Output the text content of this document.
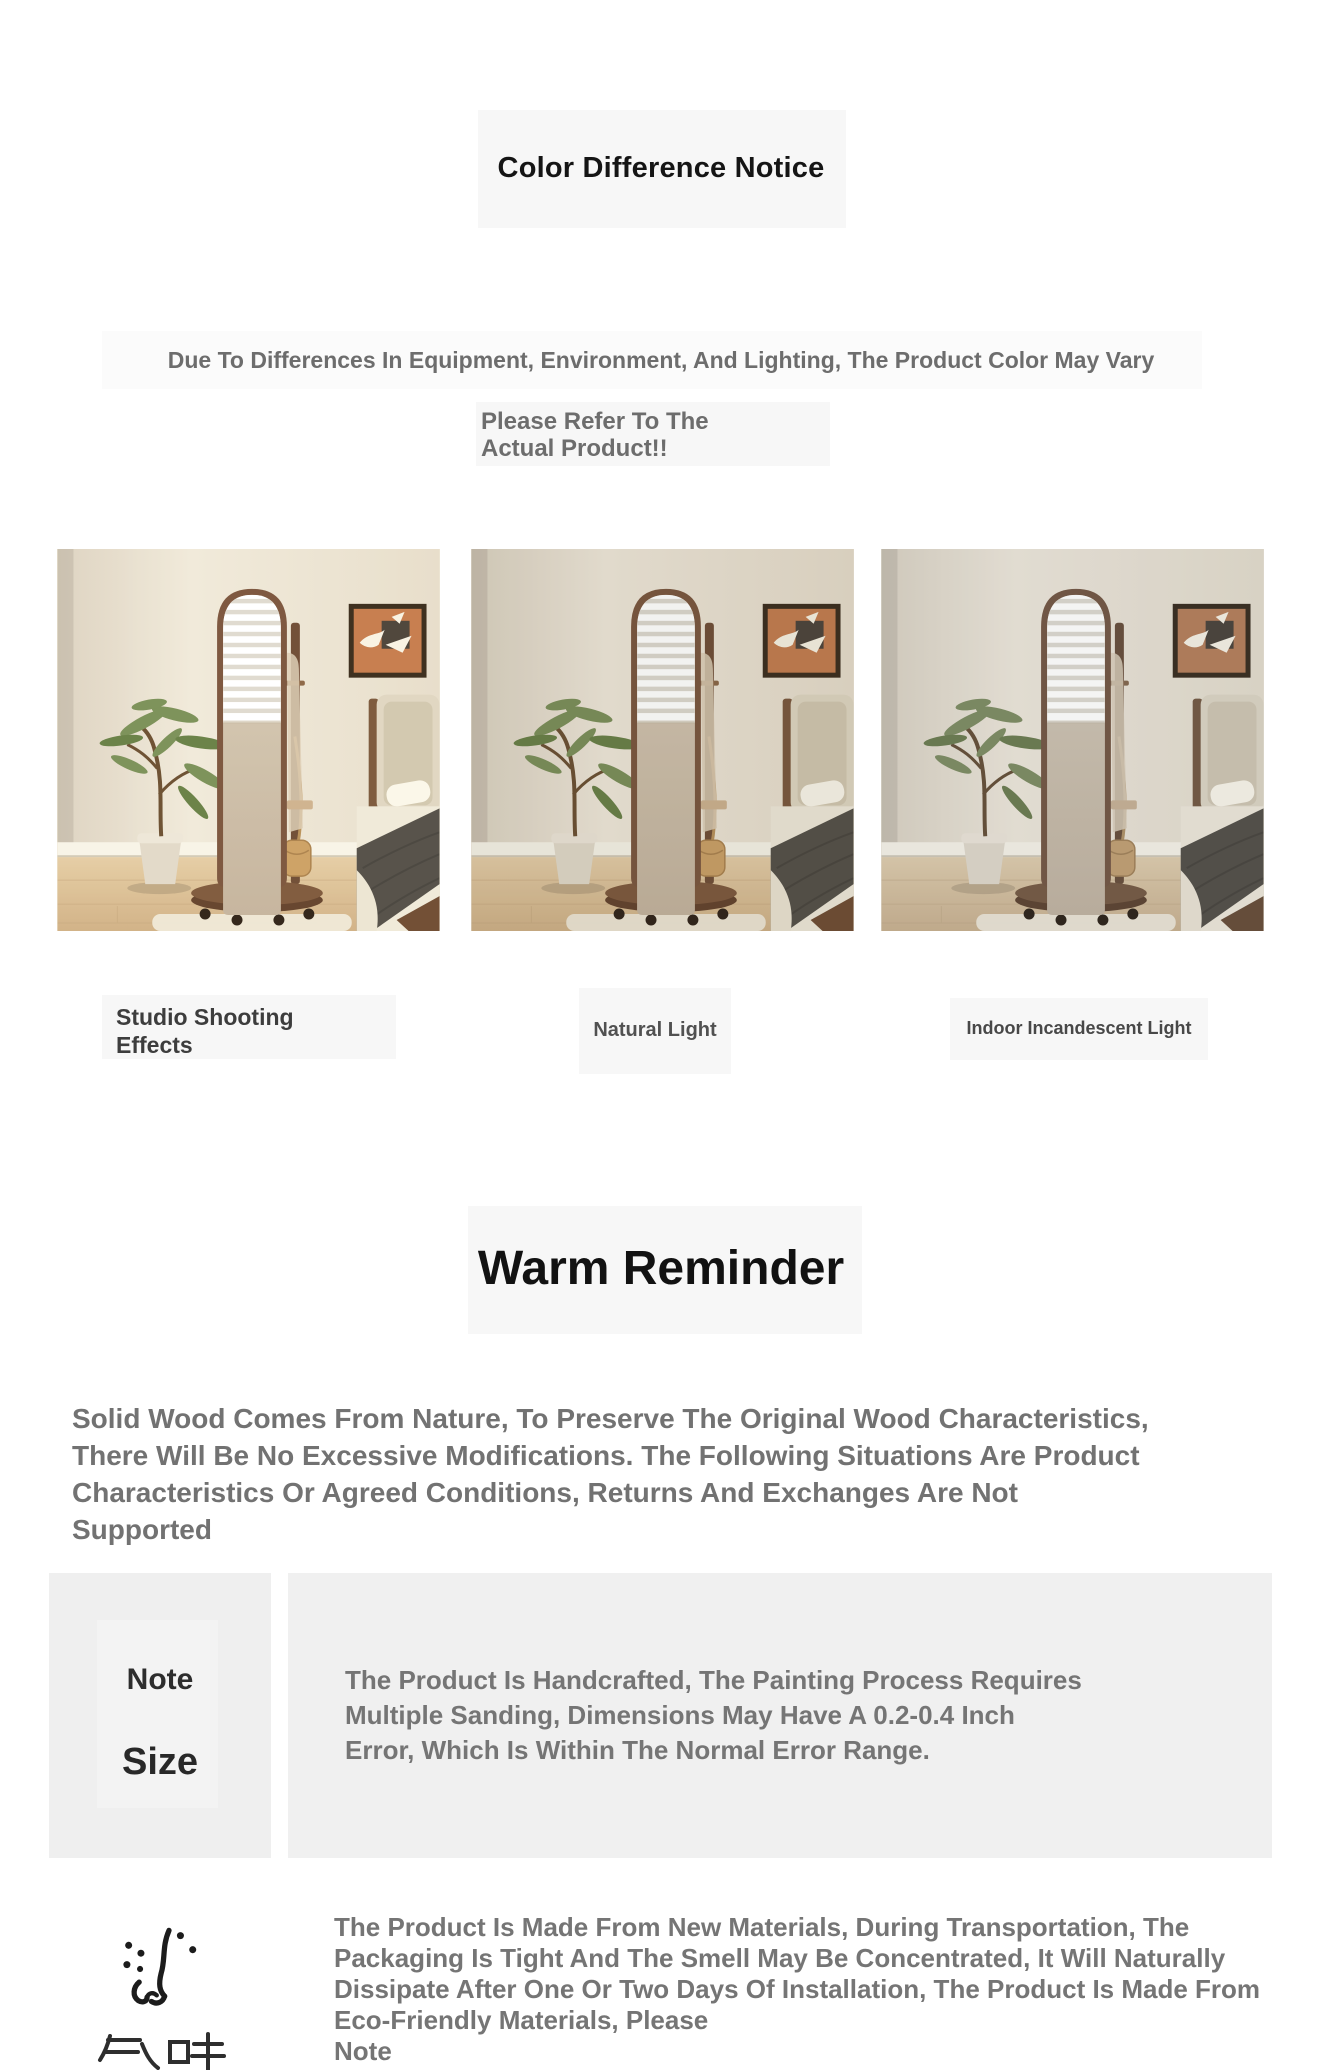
Color Difference Notice
Due To Differences In Equipment, Environment, And Lighting, The Product Color May Vary
Please Refer To The
Actual Product!!
Studio Shooting
Effects
Natural Light	Indoor Incandescent Light
Warm Reminder
Solid Wood Comes From Nature, To Preserve The Original Wood Characteristics,
There Will Be No Excessive Modifications. The Following Situations Are Product
Characteristics Or Agreed Conditions, Returns And Exchanges Are Not
Supported
Note
Size
The Product Is Handcrafted, The Painting Process Requires
Multiple Sanding, Dimensions May Have A 0.2-0.4 Inch
Error, Which Is Within The Normal Error Range.
The Product Is Made From New Materials, During Transportation, The
Packaging Is Tight And The Smell May Be Concentrated, It Will Naturally
Dissipate After One Or Two Days Of Installation, The Product Is Made From
Eco-Friendly Materials, Please
Note
